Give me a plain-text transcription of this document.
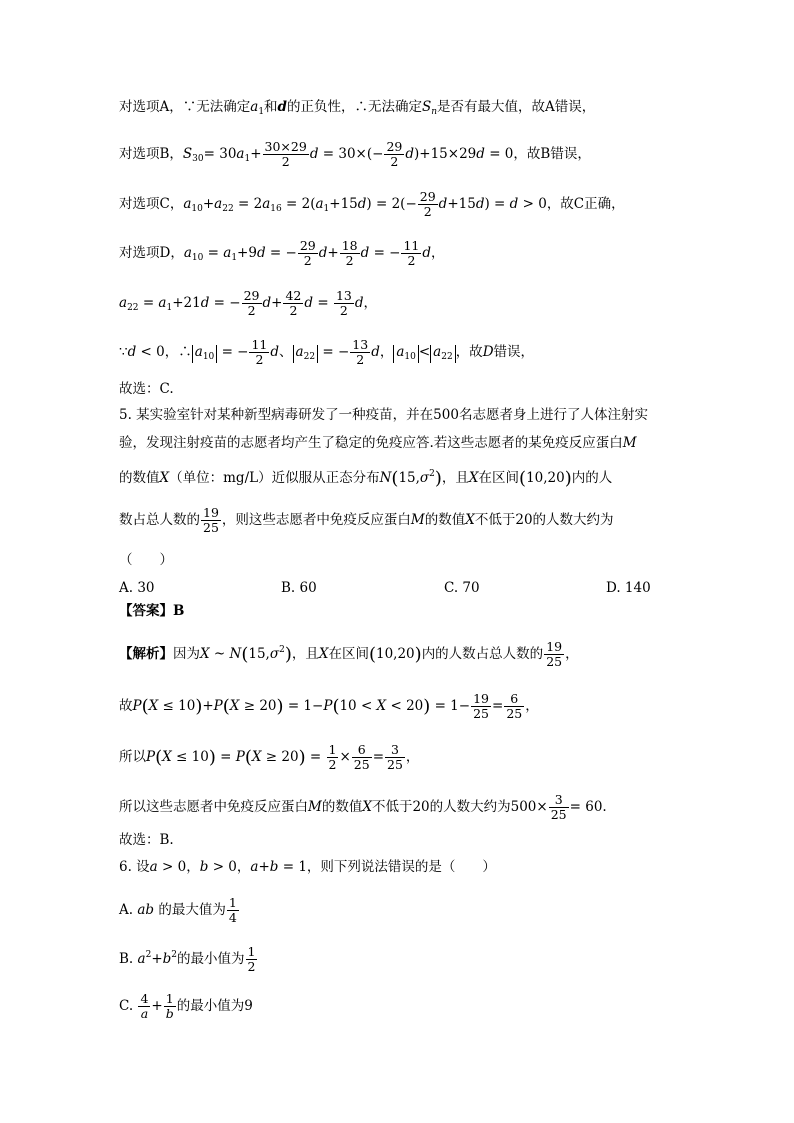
对选项A，∵无法确定$a_1$和d的正负性，∴无法确定$S_n$是否有最大值，故A错误，
对选项B，$S_{30}= 30a_1+ \frac{30\times 29}{2}$ $d = 30\times(- \frac{29}{2} d)+15\times 29d = 0$，故B错误，
对选项C，$a_{10}+a_{22} = 2a_{16} = 2(a_1+15d) = 2(- \frac{29}{2} d+15d) = d > 0$，故C正确，
对选项D，$a_{10} = a_1+9d$ = − $\frac{29}{2} d+ \frac{18}{2}$ d = − $\frac{11}{2}$ d，
$a_{22} = a_1+21d$ = − $\frac{29}{2} d+ \frac{42}{2}$ $d = \frac{13}{2}$ d，
∵d < 0，∴ $a_{10}$ = − $\frac{11}{2}$ d、 $a_{22}$ = − $\frac{13}{2}$ d， $a_{10} < a_{22}$ ，故D错误，
故选：C.
5. 某实验室针对某种新型病毒研发了一种疫苗，并在500名志愿者身上进行了人体注射实
验，发现注射疫苗的志愿者均产生了稳定的免疫应答.若这些志愿者的某免疫反应蛋白M
的数值X（单位：mg/L）近似服从正态分布$N(15,\sigma^2)$，且X在区间(10,20)内的人
数占总人数的 $\frac{19}{25}$ ，则这些志愿者中免疫反应蛋白M的数值X不低于20的人数大约为
（　　）
A. 30	B. 60	C. 70	D. 140
【答案】B
【解析】因为X ~ $N(15,\sigma^2)$，且X在区间(10,20)内的人数占总人数的 $\frac{19}{25}$ ，
故$P(X \le 10)+P(X \ge 20) = 1-P(10 < X < 20) = 1- \frac{19}{25} = \frac{6}{25}$ ，
所以$P(X \le 10) = P(X \ge 20) = \frac{1}{2} \times \frac{6}{25} = \frac{3}{25}$ ，
所以这些志愿者中免疫反应蛋白M的数值X不低于20的人数大约为$500\times \frac{3}{25} = 60$.
故选：B.
6. 设a > 0，b > 0，a+b = 1，则下列说法错误的是（　　）
A. ab 的最大值为 $\frac{1}{4}$
B. $a^2+b^2$的最小值为 $\frac{1}{2}$
C. $\frac{4}{a} + \frac{1}{b}$ 的最小值为9
